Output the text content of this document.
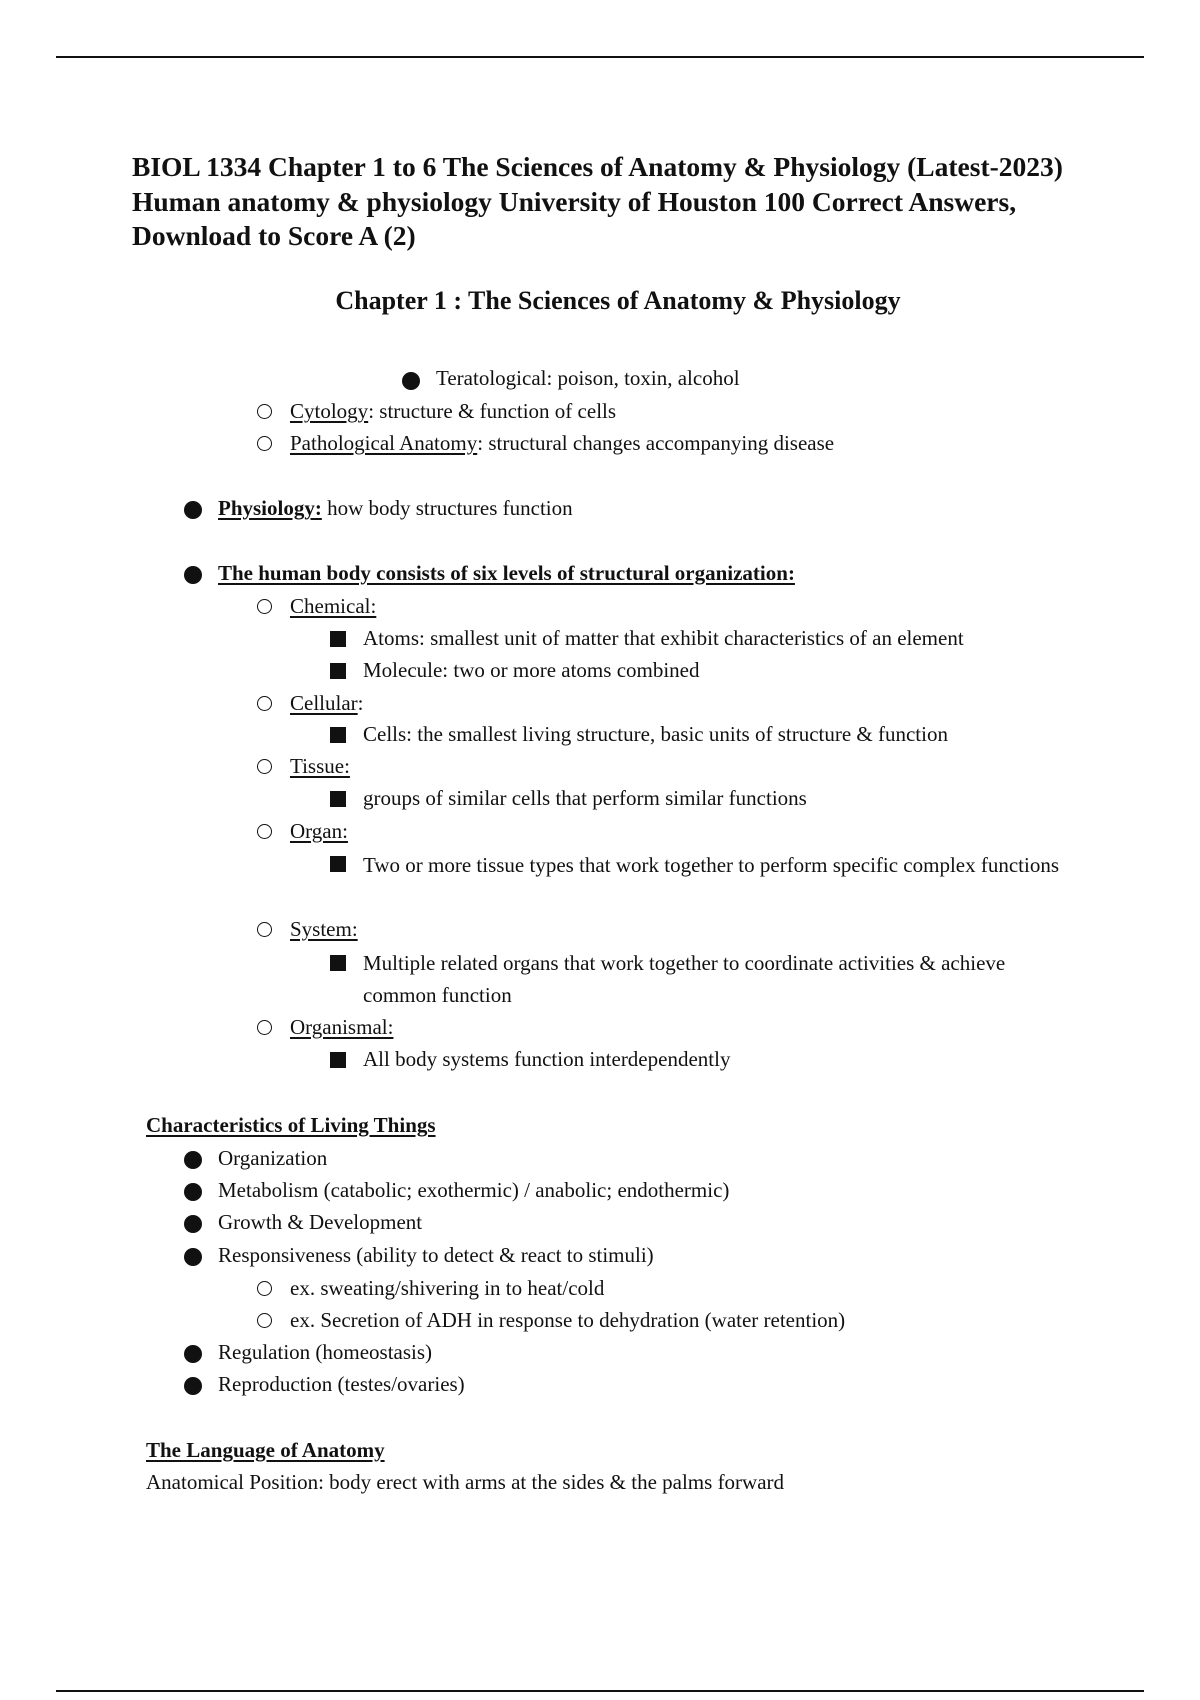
BIOL 1334 Chapter 1 to 6 The Sciences of Anatomy & Physiology (Latest-2023)
Human anatomy & physiology University of Houston 100 Correct Answers,
Download to Score A (2)
Chapter 1 : The Sciences of Anatomy & Physiology

Teratological: poison, toxin, alcohol

Cytology: structure & function of cells

Pathological Anatomy: structural changes accompanying disease

Physiology: how body structures function

The human body consists of six levels of structural organization:

Chemical:

Atoms: smallest unit of matter that exhibit characteristics of an element

Molecule: two or more atoms combined

Cellular:

Cells: the smallest living structure, basic units of structure & function

Tissue:

groups of similar cells that perform similar functions

Organ:

Two or more tissue types that work together to perform specific complex functions

System:

Multiple related organs that work together to coordinate activities & achieve common function

Organismal:

All body systems function interdependently

Characteristics of Living Things

Organization

Metabolism (catabolic; exothermic) / anabolic; endothermic)

Growth & Development

Responsiveness (ability to detect & react to stimuli)

ex. sweating/shivering in to heat/cold

ex. Secretion of ADH in response to dehydration (water retention)

Regulation (homeostasis)

Reproduction (testes/ovaries)

The Language of Anatomy

Anatomical Position: body erect with arms at the sides & the palms forward
